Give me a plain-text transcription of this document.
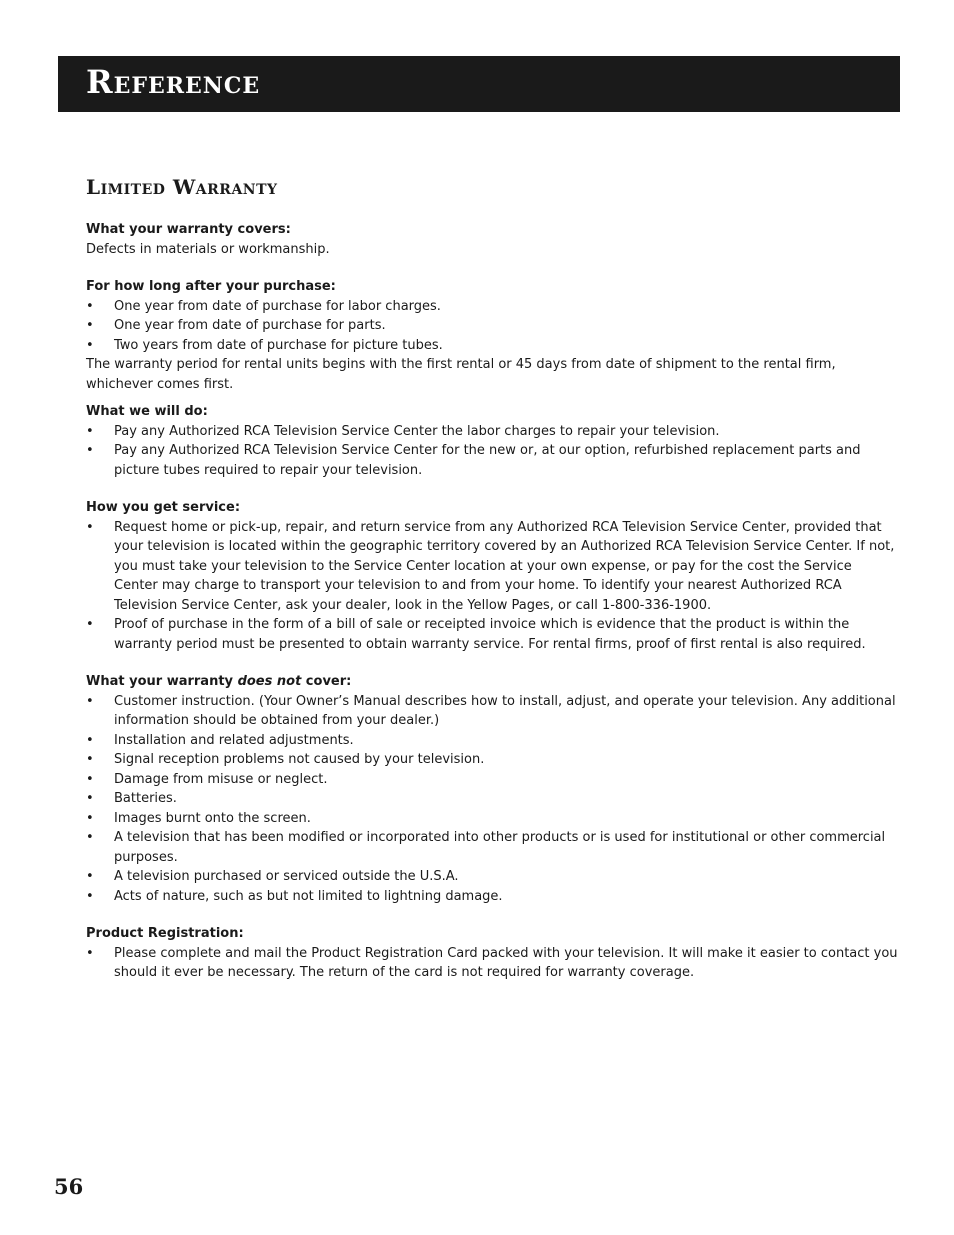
Reference
Limited Warranty

What your warranty covers:

Defects in materials or workmanship.

For how long after your purchase:

• One year from date of purchase for labor charges.
• One year from date of purchase for parts.
• Two years from date of purchase for picture tubes.

The warranty period for rental units begins with the first rental or 45 days from date of shipment to the rental firm, whichever comes first.

What we will do:

• Pay any Authorized RCA Television Service Center the labor charges to repair your television.
• Pay any Authorized RCA Television Service Center for the new or, at our option, refurbished replacement parts and picture tubes required to repair your television.

How you get service:

• Request home or pick-up, repair, and return service from any Authorized RCA Television Service Center, provided that your television is located within the geographic territory covered by an Authorized RCA Television Service Center. If not, you must take your television to the Service Center location at your own expense, or pay for the cost the Service Center may charge to transport your television to and from your home. To identify your nearest Authorized RCA Television Service Center, ask your dealer, look in the Yellow Pages, or call 1-800-336-1900.
• Proof of purchase in the form of a bill of sale or receipted invoice which is evidence that the product is within the warranty period must be presented to obtain warranty service. For rental firms, proof of first rental is also required.

What your warranty does not cover:

• Customer instruction. (Your Owner’s Manual describes how to install, adjust, and operate your television. Any additional information should be obtained from your dealer.)
• Installation and related adjustments.
• Signal reception problems not caused by your television.
• Damage from misuse or neglect.
• Batteries.
• Images burnt onto the screen.
• A television that has been modified or incorporated into other products or is used for institutional or other commercial purposes.
• A television purchased or serviced outside the U.S.A.
• Acts of nature, such as but not limited to lightning damage.

Product Registration:

• Please complete and mail the Product Registration Card packed with your television. It will make it easier to contact you should it ever be necessary. The return of the card is not required for warranty coverage.
56
